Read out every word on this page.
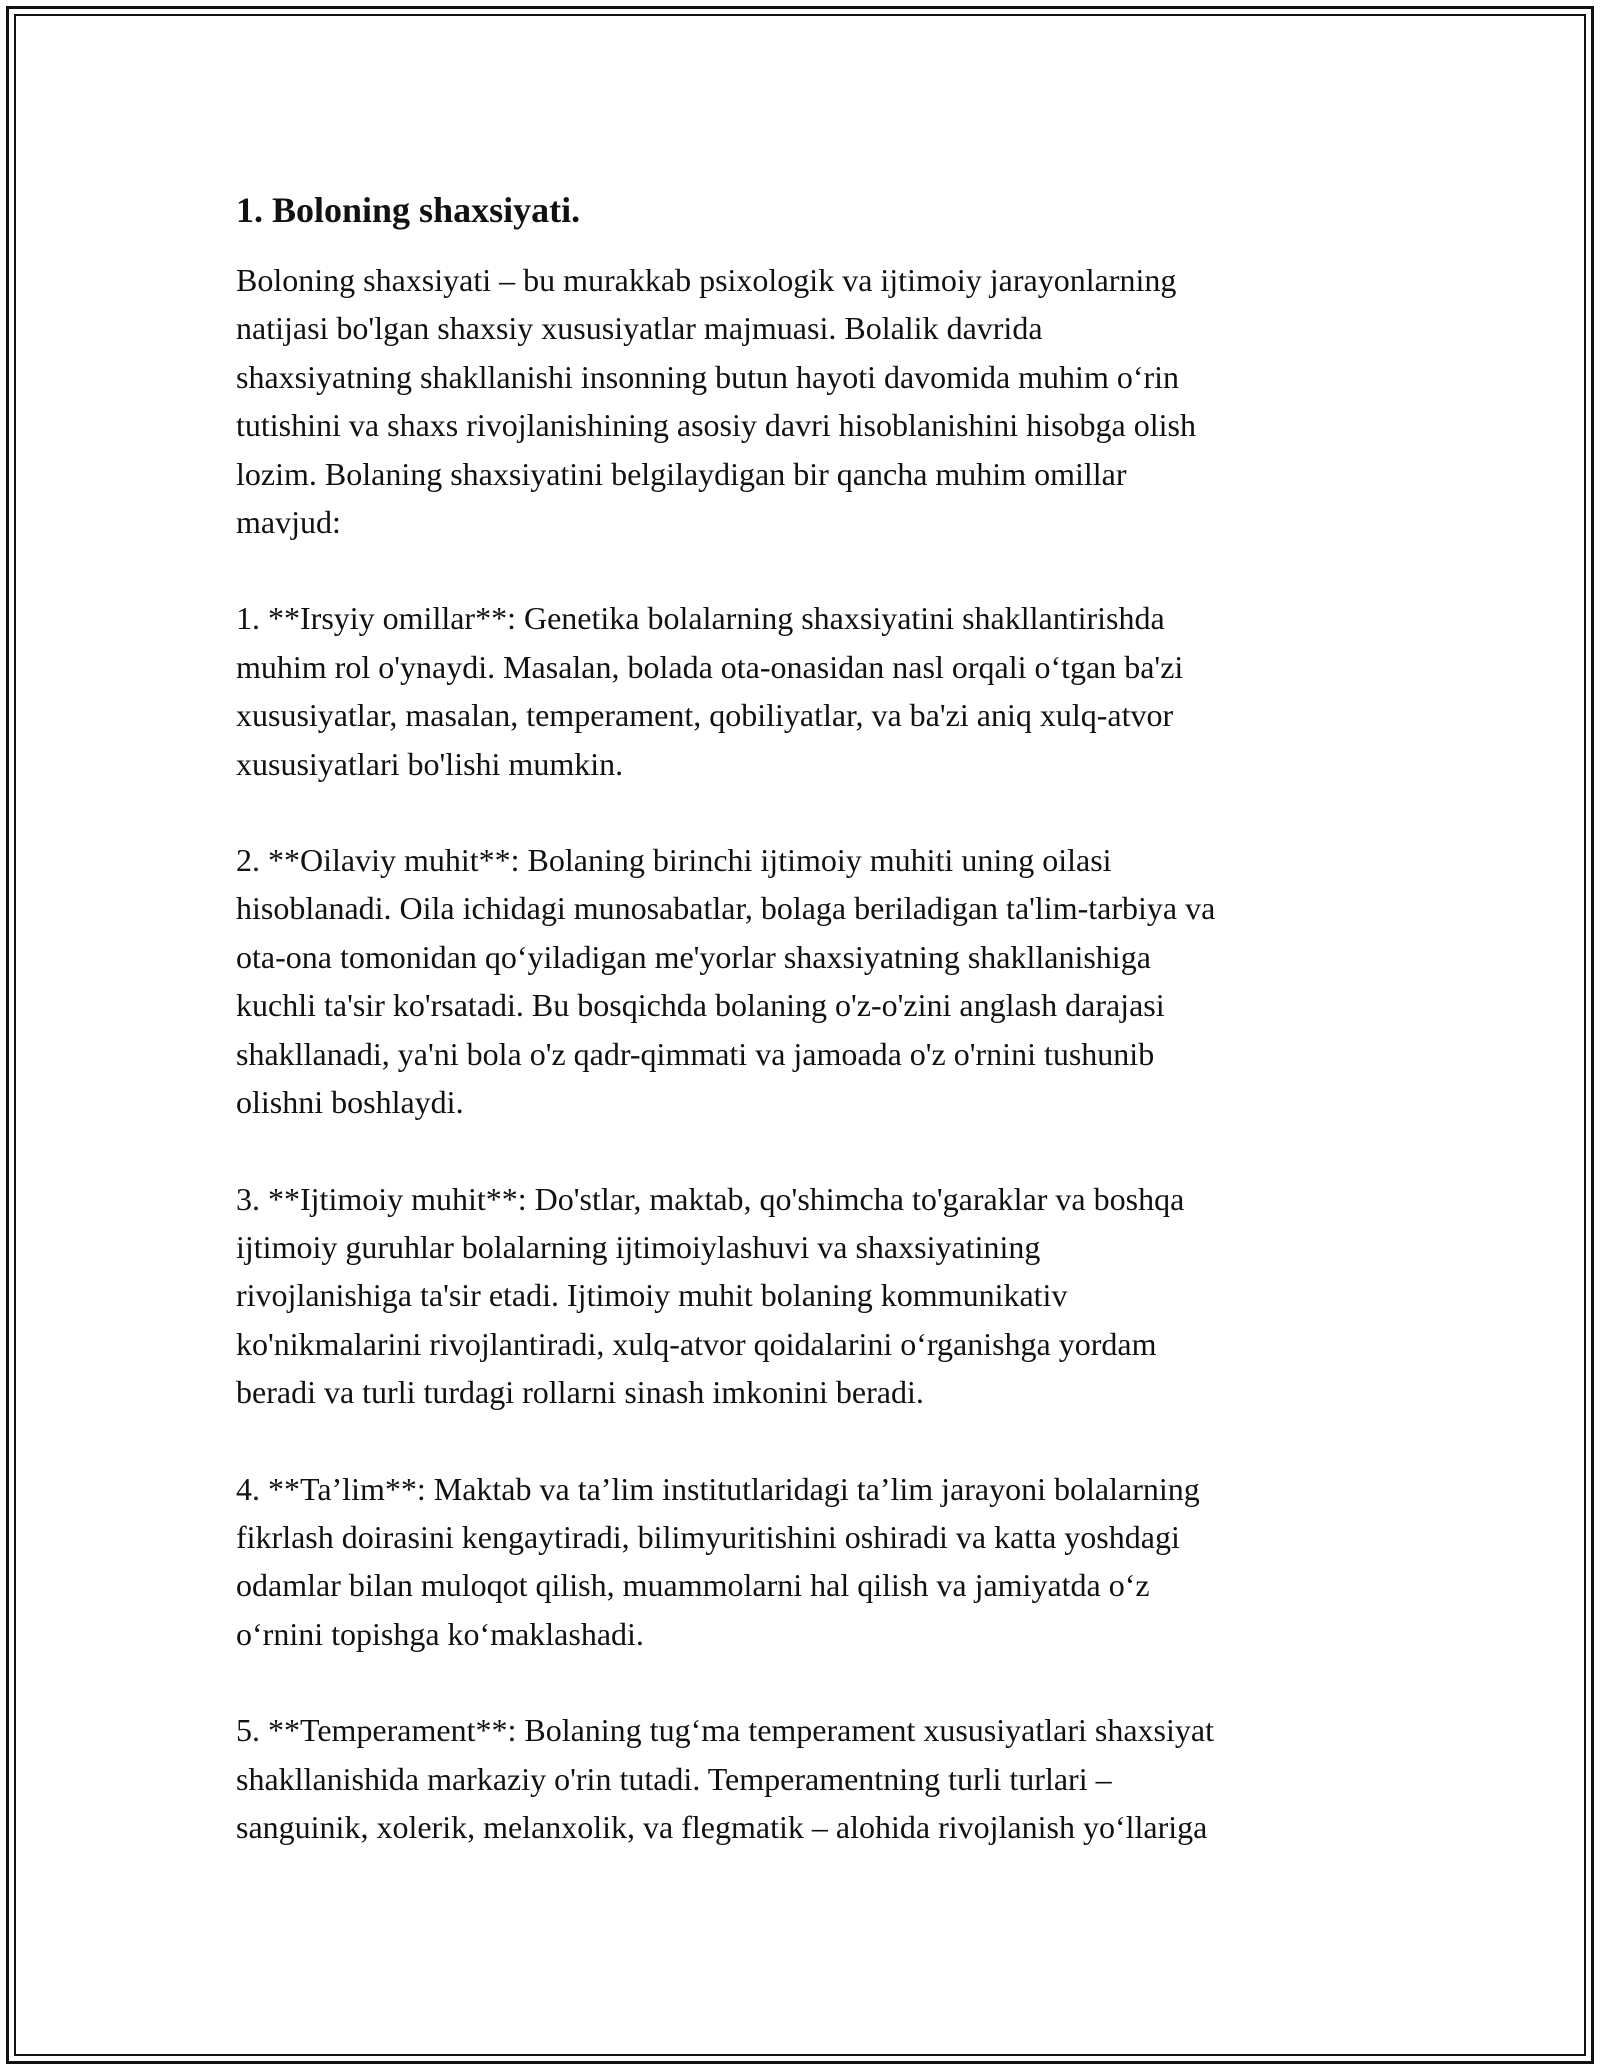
1. Boloning shaxsiyati.
Boloning shaxsiyati – bu murakkab psixologik va ijtimoiy jarayonlarning
natijasi bo'lgan shaxsiy xususiyatlar majmuasi. Bolalik davrida
shaxsiyatning shakllanishi insonning butun hayoti davomida muhim oʻrin
tutishini va shaxs rivojlanishining asosiy davri hisoblanishini hisobga olish
lozim. Bolaning shaxsiyatini belgilaydigan bir qancha muhim omillar
mavjud:
1. **Irsyiy omillar**: Genetika bolalarning shaxsiyatini shakllantirishda
muhim rol o'ynaydi. Masalan, bolada ota-onasidan nasl orqali oʻtgan ba'zi
xususiyatlar, masalan, temperament, qobiliyatlar, va ba'zi aniq xulq-atvor
xususiyatlari bo'lishi mumkin.
2. **Oilaviy muhit**: Bolaning birinchi ijtimoiy muhiti uning oilasi
hisoblanadi. Oila ichidagi munosabatlar, bolaga beriladigan ta'lim-tarbiya va
ota-ona tomonidan qoʻyiladigan me'yorlar shaxsiyatning shakllanishiga
kuchli ta'sir ko'rsatadi. Bu bosqichda bolaning o'z-o'zini anglash darajasi
shakllanadi, ya'ni bola o'z qadr-qimmati va jamoada o'z o'rnini tushunib
olishni boshlaydi.
3. **Ijtimoiy muhit**: Do'stlar, maktab, qo'shimcha to'garaklar va boshqa
ijtimoiy guruhlar bolalarning ijtimoiylashuvi va shaxsiyatining
rivojlanishiga ta'sir etadi. Ijtimoiy muhit bolaning kommunikativ
ko'nikmalarini rivojlantiradi, xulq-atvor qoidalarini oʻrganishga yordam
beradi va turli turdagi rollarni sinash imkonini beradi.
4. **Ta’lim**: Maktab va ta’lim institutlaridagi ta’lim jarayoni bolalarning
fikrlash doirasini kengaytiradi, bilimyuritishini oshiradi va katta yoshdagi
odamlar bilan muloqot qilish, muammolarni hal qilish va jamiyatda oʻz
oʻrnini topishga koʻmaklashadi.
5. **Temperament**: Bolaning tugʻma temperament xususiyatlari shaxsiyat
shakllanishida markaziy o'rin tutadi. Temperamentning turli turlari –
sanguinik, xolerik, melanxolik, va flegmatik – alohida rivojlanish yoʻllariga
